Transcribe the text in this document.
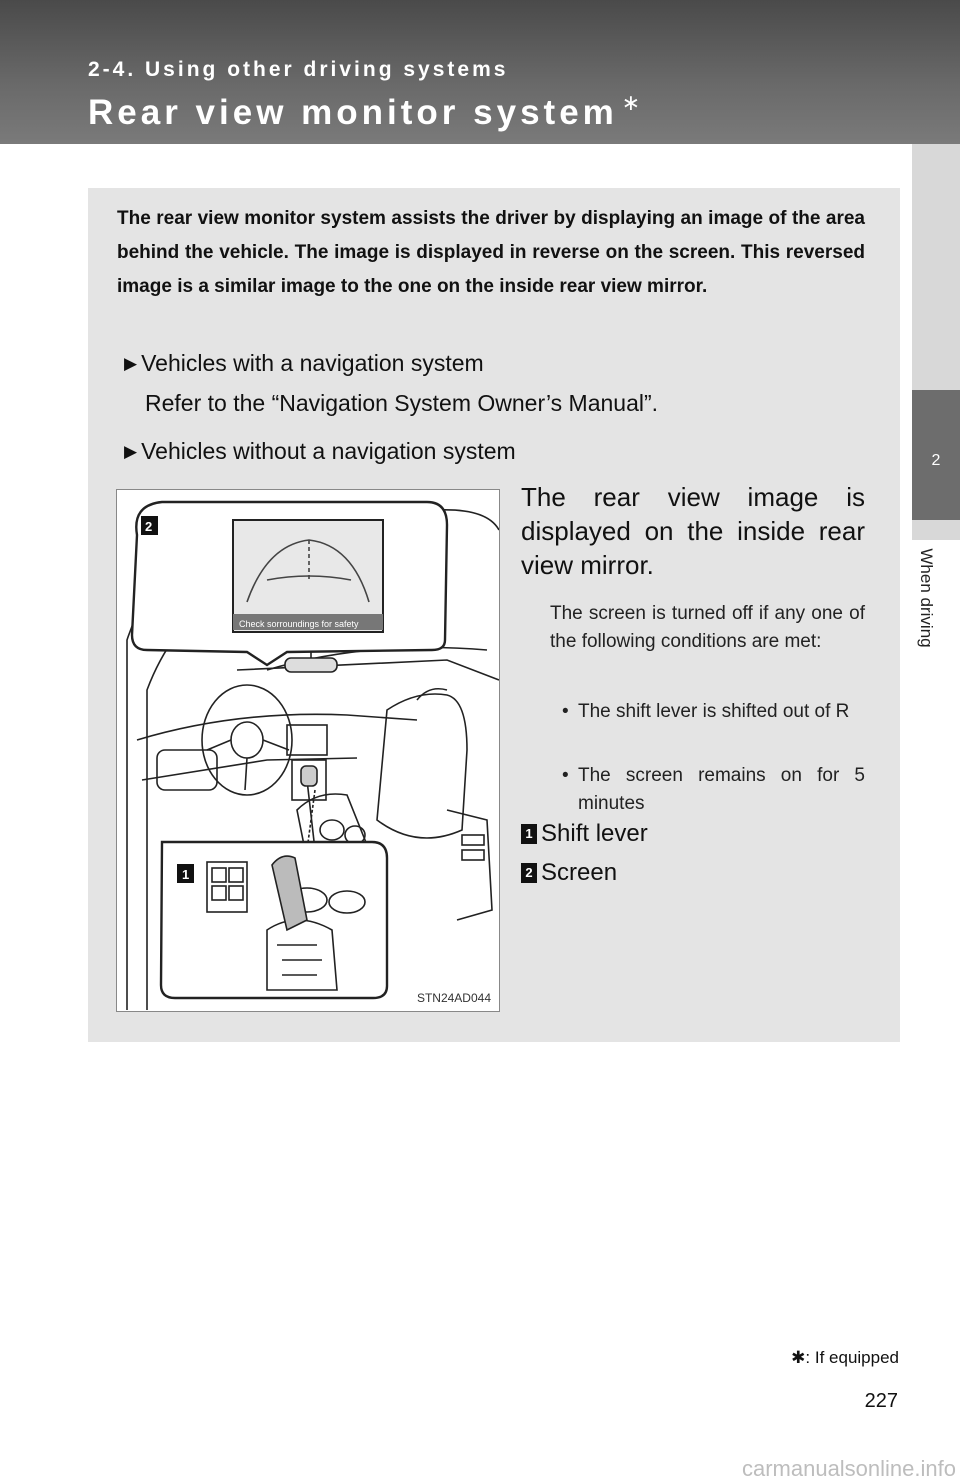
2-4. Using other driving systems
Rear view monitor system ∗
2
When driving
The rear view monitor system assists the driver by displaying an image of the area behind the vehicle. The image is displayed in reverse on the screen. This reversed image is a similar image to the one on the inside rear view mirror.
▶ Vehicles with a navigation system
Refer to the “Navigation System Owner’s Manual”.
▶ Vehicles without a navigation system
Check sorroundings for safety
2
1
STN24AD044
The rear view image is displayed on the inside rear view mirror.
The screen is turned off if any one of the following conditions are met:
• The shift lever is shifted out of R
• The screen remains on for 5 minutes
1 Shift lever
2 Screen
✱: If equipped
227
carmanualsonline.info
